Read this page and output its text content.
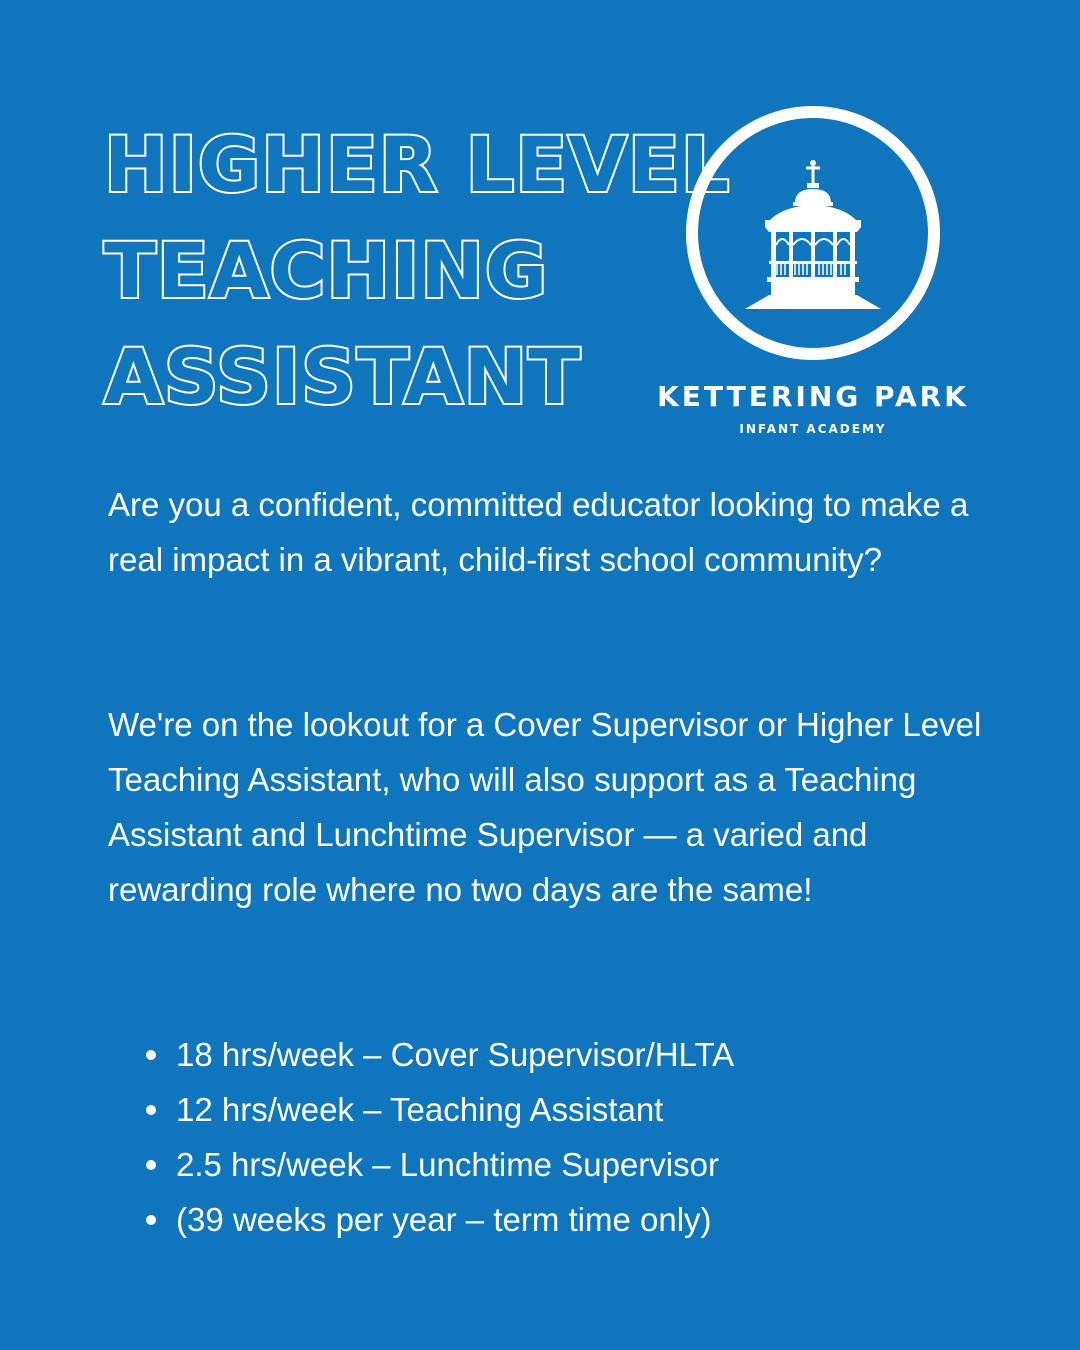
HIGHER LEVEL
TEACHING
ASSISTANT	KETTERING PARK
INFANT ACADEMY

Are you a confident, committed educator looking to make a real impact in a vibrant, child-first school community?

We're on the lookout for a Cover Supervisor or Higher Level Teaching Assistant, who will also support as a Teaching Assistant and Lunchtime Supervisor — a varied and rewarding role where no two days are the same!

18 hrs/week – Cover Supervisor/HLTA
12 hrs/week – Teaching Assistant
2.5 hrs/week – Lunchtime Supervisor
(39 weeks per year – term time only)
